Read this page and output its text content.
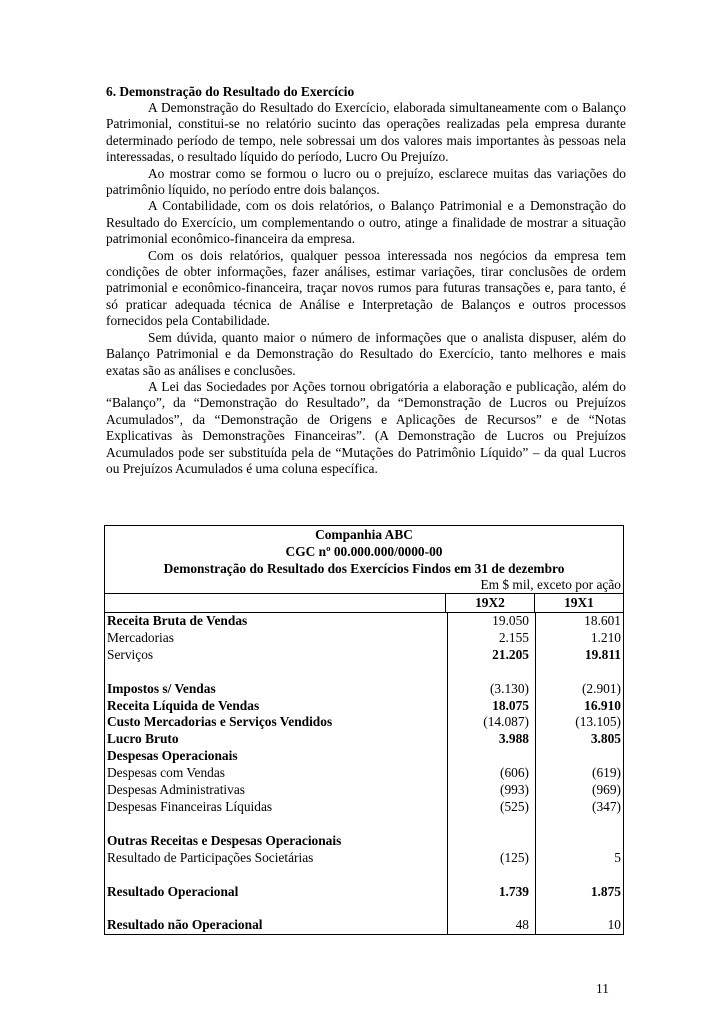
6. Demonstração do Resultado do Exercício

A Demonstração do Resultado do Exercício, elaborada simultaneamente com o Balanço Patrimonial, constitui-se no relatório sucinto das operações realizadas pela empresa durante determinado período de tempo, nele sobressai um dos valores mais importantes às pessoas nela interessadas, o resultado líquido do período, Lucro Ou Prejuízo.

Ao mostrar como se formou o lucro ou o prejuízo, esclarece muitas das variações do patrimônio líquido, no período entre dois balanços.

A Contabilidade, com os dois relatórios, o Balanço Patrimonial e a Demonstração do Resultado do Exercício, um complementando o outro, atinge a finalidade de mostrar a situação patrimonial econômico-financeira da empresa.

Com os dois relatórios, qualquer pessoa interessada nos negócios da empresa tem condições de obter informações, fazer análises, estimar variações, tirar conclusões de ordem patrimonial e econômico-financeira, traçar novos rumos para futuras transações e, para tanto, é só praticar adequada técnica de Análise e Interpretação de Balanços e outros processos fornecidos pela Contabilidade.

Sem dúvida, quanto maior o número de informações que o analista dispuser, além do Balanço Patrimonial e da Demonstração do Resultado do Exercício, tanto melhores e mais exatas são as análises e conclusões.

A Lei das Sociedades por Ações tornou obrigatória a elaboração e publicação, além do “Balanço”, da “Demonstração do Resultado”, da “Demonstração de Lucros ou Prejuízos Acumulados”, da “Demonstração de Origens e Aplicações de Recursos” e de “Notas Explicativas às Demonstrações Financeiras”. (A Demonstração de Lucros ou Prejuízos Acumulados pode ser substituída pela de “Mutações do Patrimônio Líquido” – da qual Lucros ou Prejuízos Acumulados é uma coluna específica.

Companhia ABC
CGC nº 00.000.000/0000-00
Demonstração do Resultado dos Exercícios Findos em 31 de dezembro
Em $ mil, exceto por ação
19X2	19X1
Receita Bruta de Vendas
Mercadorias
Serviços
Impostos s/ Vendas
Receita Líquida de Vendas
Custo Mercadorias e Serviços Vendidos
Lucro Bruto
Despesas Operacionais
Despesas com Vendas
Despesas Administrativas
Despesas Financeiras Líquidas
Outras Receitas e Despesas Operacionais
Resultado de Participações Societárias
Resultado Operacional
Resultado não Operacional
19.050
2.155
21.205
(3.130)
18.075
(14.087)
3.988
(606)
(993)
(525)
(125)
1.739
48
18.601
1.210
19.811
(2.901)
16.910
(13.105)
3.805
(619)
(969)
(347)
5
1.875
10
11
